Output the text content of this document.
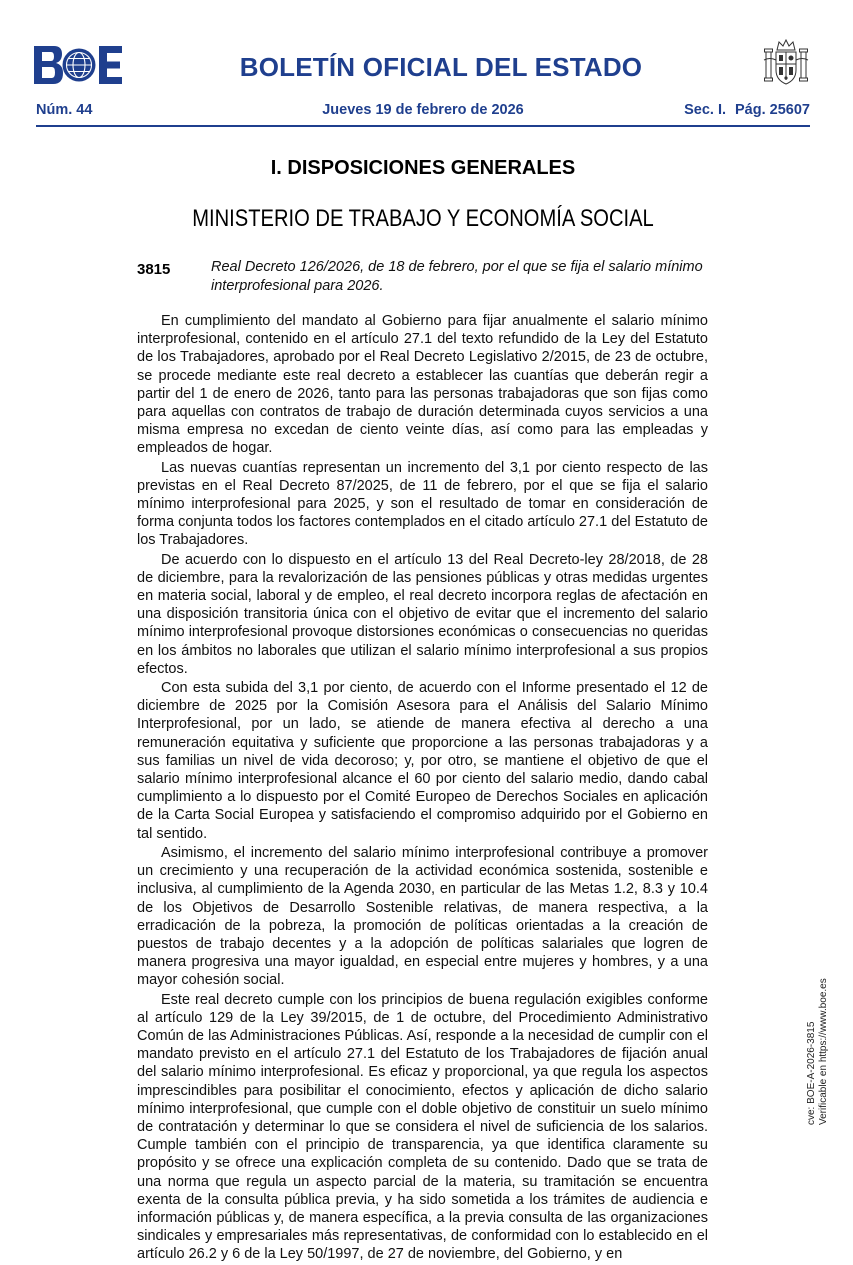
BOLETÍN OFICIAL DEL ESTADO
Núm. 44	Jueves 19 de febrero de 2026	Sec. I. Pág. 25607
I. DISPOSICIONES GENERALES
MINISTERIO DE TRABAJO Y ECONOMÍA SOCIAL
3815	Real Decreto 126/2026, de 18 de febrero, por el que se fija el salario mínimo interprofesional para 2026.

En cumplimiento del mandato al Gobierno para fijar anualmente el salario mínimo interprofesional, contenido en el artículo 27.1 del texto refundido de la Ley del Estatuto de los Trabajadores, aprobado por el Real Decreto Legislativo 2/2015, de 23 de octubre, se procede mediante este real decreto a establecer las cuantías que deberán regir a partir del 1 de enero de 2026, tanto para las personas trabajadoras que son fijas como para aquellas con contratos de trabajo de duración determinada cuyos servicios a una misma empresa no excedan de ciento veinte días, así como para las empleadas y empleados de hogar.

Las nuevas cuantías representan un incremento del 3,1 por ciento respecto de las previstas en el Real Decreto 87/2025, de 11 de febrero, por el que se fija el salario mínimo interprofesional para 2025, y son el resultado de tomar en consideración de forma conjunta todos los factores contemplados en el citado artículo 27.1 del Estatuto de los Trabajadores.

De acuerdo con lo dispuesto en el artículo 13 del Real Decreto-ley 28/2018, de 28 de diciembre, para la revalorización de las pensiones públicas y otras medidas urgentes en materia social, laboral y de empleo, el real decreto incorpora reglas de afectación en una disposición transitoria única con el objetivo de evitar que el incremento del salario mínimo interprofesional provoque distorsiones económicas o consecuencias no queridas en los ámbitos no laborales que utilizan el salario mínimo interprofesional a sus propios efectos.

Con esta subida del 3,1 por ciento, de acuerdo con el Informe presentado el 12 de diciembre de 2025 por la Comisión Asesora para el Análisis del Salario Mínimo Interprofesional, por un lado, se atiende de manera efectiva al derecho a una remuneración equitativa y suficiente que proporcione a las personas trabajadoras y a sus familias un nivel de vida decoroso; y, por otro, se mantiene el objetivo de que el salario mínimo interprofesional alcance el 60 por ciento del salario medio, dando cabal cumplimiento a lo dispuesto por el Comité Europeo de Derechos Sociales en aplicación de la Carta Social Europea y satisfaciendo el compromiso adquirido por el Gobierno en tal sentido.

Asimismo, el incremento del salario mínimo interprofesional contribuye a promover un crecimiento y una recuperación de la actividad económica sostenida, sostenible e inclusiva, al cumplimiento de la Agenda 2030, en particular de las Metas 1.2, 8.3 y 10.4 de los Objetivos de Desarrollo Sostenible relativas, de manera respectiva, a la erradicación de la pobreza, la promoción de políticas orientadas a la creación de puestos de trabajo decentes y a la adopción de políticas salariales que logren de manera progresiva una mayor igualdad, en especial entre mujeres y hombres, y a una mayor cohesión social.

Este real decreto cumple con los principios de buena regulación exigibles conforme al artículo 129 de la Ley 39/2015, de 1 de octubre, del Procedimiento Administrativo Común de las Administraciones Públicas. Así, responde a la necesidad de cumplir con el mandato previsto en el artículo 27.1 del Estatuto de los Trabajadores de fijación anual del salario mínimo interprofesional. Es eficaz y proporcional, ya que regula los aspectos imprescindibles para posibilitar el conocimiento, efectos y aplicación de dicho salario mínimo interprofesional, que cumple con el doble objetivo de constituir un suelo mínimo de contratación y determinar lo que se considera el nivel de suficiencia de los salarios. Cumple también con el principio de transparencia, ya que identifica claramente su propósito y se ofrece una explicación completa de su contenido. Dado que se trata de una norma que regula un aspecto parcial de la materia, su tramitación se encuentra exenta de la consulta pública previa, y ha sido sometida a los trámites de audiencia e información públicas y, de manera específica, a la previa consulta de las organizaciones sindicales y empresariales más representativas, de conformidad con lo establecido en el artículo 26.2 y 6 de la Ley 50/1997, de 27 de noviembre, del Gobierno, y en

cve: BOE-A-2026-3815 Verificable en https://www.boe.es
